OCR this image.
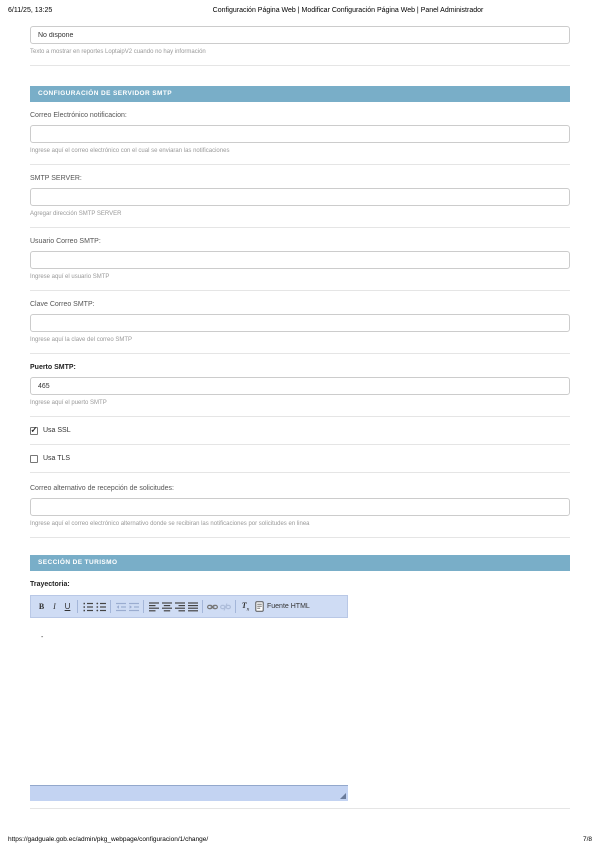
6/11/25, 13:25	Configuración Página Web | Modificar Configuración Página Web | Panel Administrador
No dispone
Texto a mostrar en reportes LoptaipV2 cuando no hay información
CONFIGURACIÓN DE SERVIDOR SMTP
Correo Electrónico notificacion:
Ingrese aquí el correo electrónico con el cual se enviaran las notificaciones
SMTP SERVER:
Agregar dirección SMTP SERVER
Usuario Correo SMTP:
Ingrese aquí el usuario SMTP
Clave Correo SMTP:
Ingrese aquí la clave del correo SMTP
Puerto SMTP:
465
Ingrese aquí el puerto SMTP
✓ Usa SSL
Usa TLS
Correo alternativo de recepción de solicitudes:
Ingrese aquí el correo electrónico alternativo donde se recibiran las notificaciones por solicitudes en linea
SECCIÓN DE TURISMO
Trayectoria:
B I U	$T_x$	Fuente HTML
-
https://gadguale.gob.ec/admin/pkg_webpage/configuracion/1/change/	7/8
